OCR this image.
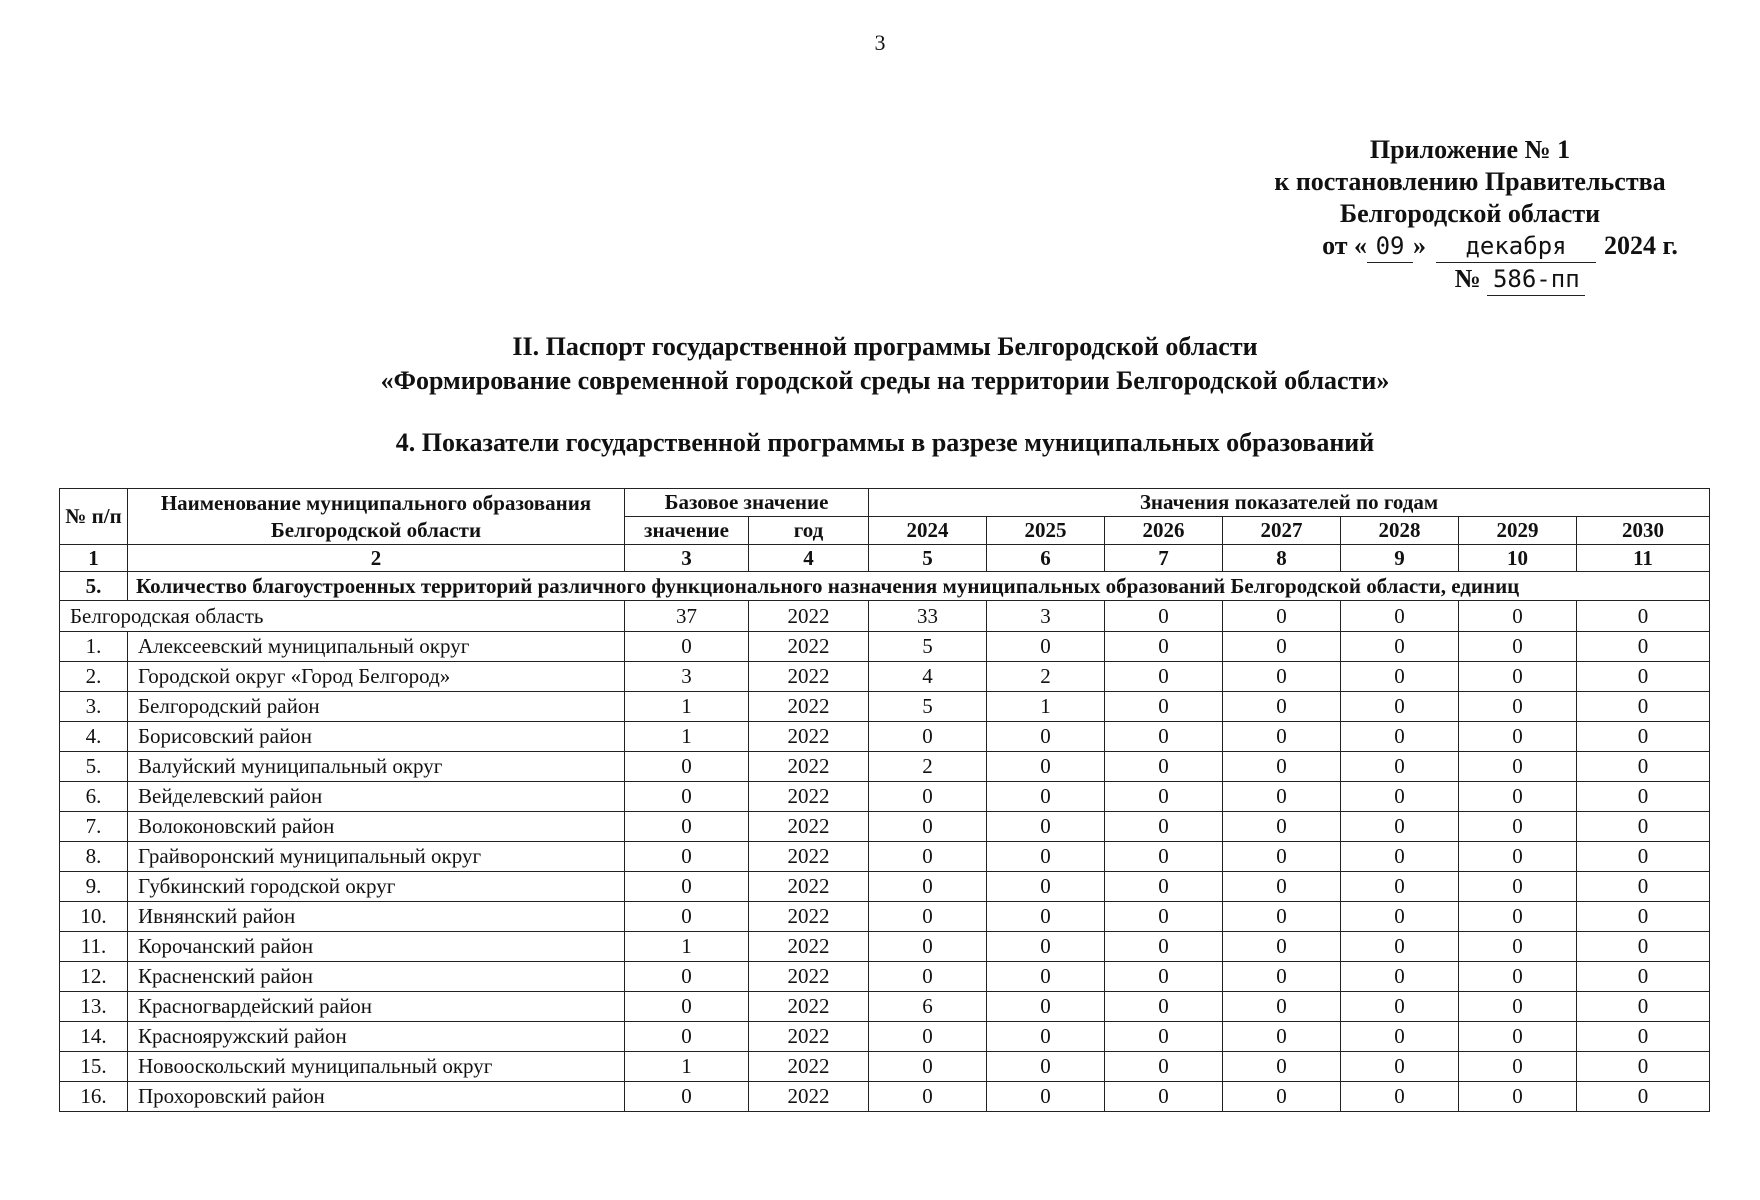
3
Приложение № 1
к постановлению Правительства
Белгородской области
от « 09 » декабря 2024 г.
№ 586-пп
II. Паспорт государственной программы Белгородской области
«Формирование современной городской среды на территории Белгородской области»
4. Показатели государственной программы в разрезе муниципальных образований
№ п/п	Наименование муниципального образования Белгородской области	Базовое значение		Значения показателей по годам						
		значение	год	2024	2025	2026	2027	2028	2029	2030
1	2	3	4	5	6	7	8	9	10	11
5.	Количество благоустроенных территорий различного функционального назначения муниципальных образований Белгородской области, единиц									
Белгородская область		37	2022	33	3	0	0	0	0	0
1.	Алексеевский муниципальный округ	0	2022	5	0	0	0	0	0	0
2.	Городской округ «Город Белгород»	3	2022	4	2	0	0	0	0	0
3.	Белгородский район	1	2022	5	1	0	0	0	0	0
4.	Борисовский район	1	2022	0	0	0	0	0	0	0
5.	Валуйский муниципальный округ	0	2022	2	0	0	0	0	0	0
6.	Вейделевский район	0	2022	0	0	0	0	0	0	0
7.	Волоконовский район	0	2022	0	0	0	0	0	0	0
8.	Грайворонский муниципальный округ	0	2022	0	0	0	0	0	0	0
9.	Губкинский городской округ	0	2022	0	0	0	0	0	0	0
10.	Ивнянский район	0	2022	0	0	0	0	0	0	0
11.	Корочанский район	1	2022	0	0	0	0	0	0	0
12.	Красненский район	0	2022	0	0	0	0	0	0	0
13.	Красногвардейский район	0	2022	6	0	0	0	0	0	0
14.	Краснояружский район	0	2022	0	0	0	0	0	0	0
15.	Новооскольский муниципальный округ	1	2022	0	0	0	0	0	0	0
16.	Прохоровский район	0	2022	0	0	0	0	0	0	0
